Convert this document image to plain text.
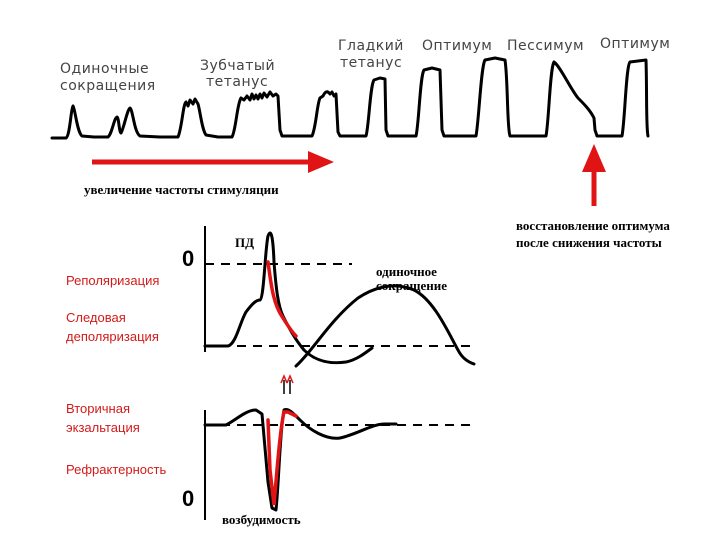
Одиночные
сокращения
Зубчатый
тетанус
Гладкий
тетанус
Оптимум Пессимум Оптимум
увеличение частоты стимуляции
восстановление оптимума
после снижения частоты
0
ПД
одиночное
сокращение
0
возбудимость
Реполяризация
Следовая
деполяризация
Вторичная
экзальтация
Рефрактерность
